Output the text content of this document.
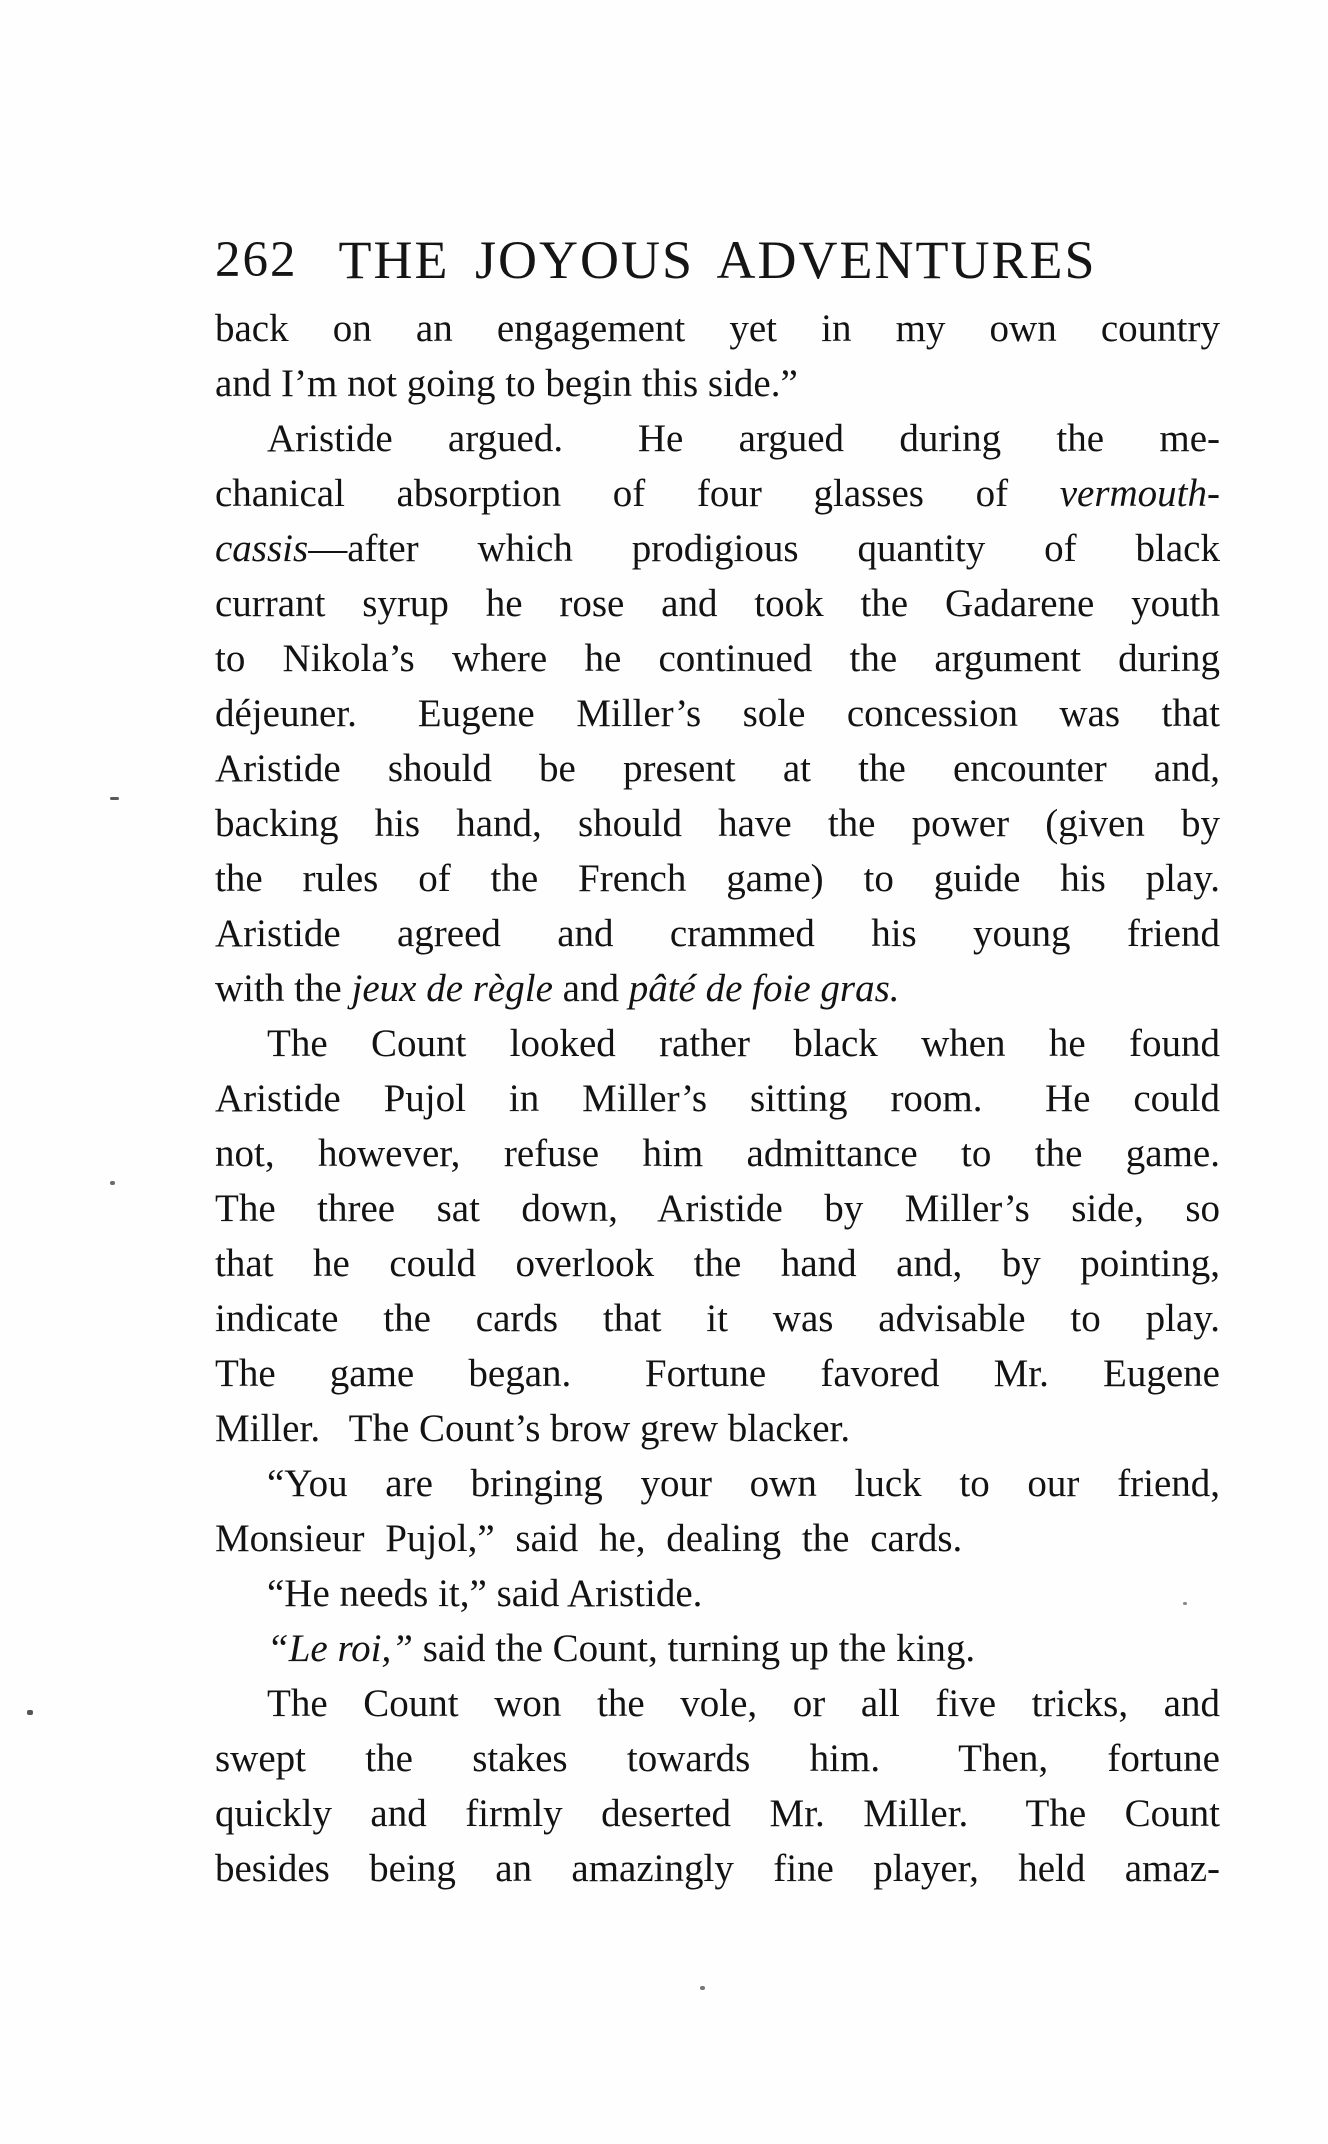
262 THE JOYOUS ADVENTURES
back on an engagement yet in my own country
and I’m not going to begin this side.”
Aristide argued.  He argued during the me-
chanical absorption of four glasses of vermouth-
cassis—after which prodigious quantity of black
currant syrup he rose and took the Gadarene youth
to Nikola’s where he continued the argument during
déjeuner.  Eugene Miller’s sole concession was that
Aristide should be present at the encounter and,
backing his hand, should have the power (given by
the rules of the French game) to guide his play.
Aristide agreed and crammed his young friend
with the jeux de règle and pâté de foie gras.
The Count looked rather black when he found
Aristide Pujol in Miller’s sitting room.  He could
not, however, refuse him admittance to the game.
The three sat down, Aristide by Miller’s side, so
that he could overlook the hand and, by pointing,
indicate the cards that it was advisable to play.
The game began.  Fortune favored Mr. Eugene
Miller.  The Count’s brow grew blacker.
“You are bringing your own luck to our friend,
Monsieur Pujol,” said he, dealing the cards.
“He needs it,” said Aristide.
“Le roi,” said the Count, turning up the king.
The Count won the vole, or all five tricks, and
swept the stakes towards him.  Then, fortune
quickly and firmly deserted Mr. Miller.  The Count
besides being an amazingly fine player, held amaz-
